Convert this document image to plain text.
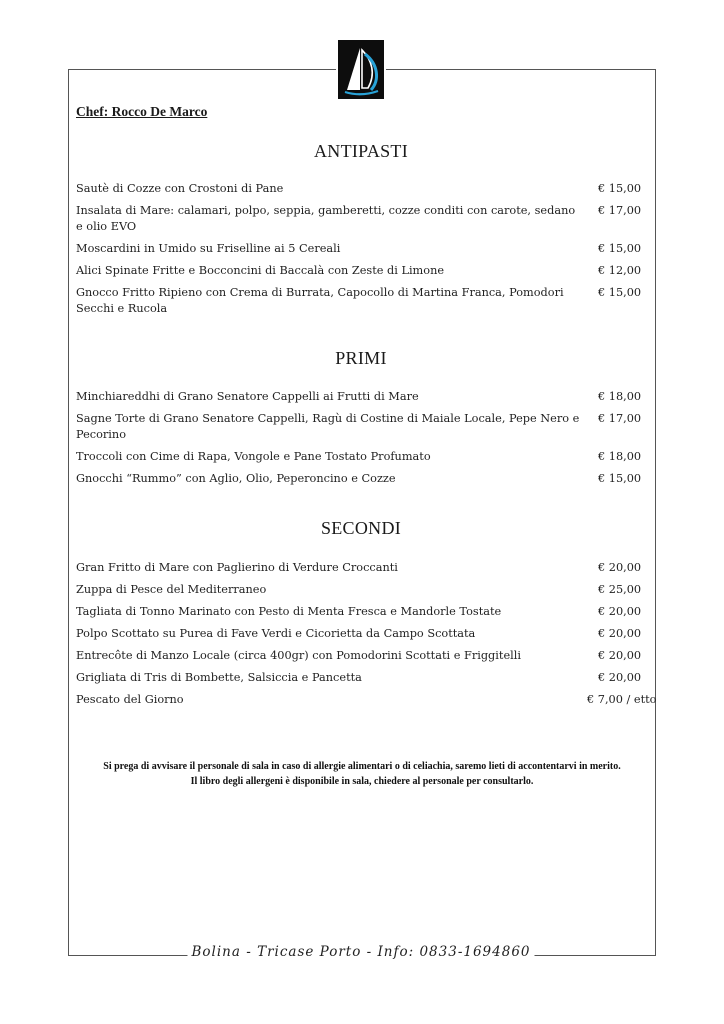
Chef: Rocco De Marco
ANTIPASTI
Sautè di Cozze con Crostoni di Pane	€ 15,00
Insalata di Mare: calamari, polpo, seppia, gamberetti, cozze conditi con carote, sedano e olio EVO
€ 17,00
Moscardini in Umido su Friselline ai 5 Cereali	€ 15,00
Alici Spinate Fritte e Bocconcini di Baccalà con Zeste di Limone	€ 12,00
Gnocco Fritto Ripieno con Crema di Burrata, Capocollo di Martina Franca, Pomodori Secchi e Rucola
€ 15,00
PRIMI
Minchiareddhi di Grano Senatore Cappelli ai Frutti di Mare	€ 18,00
Sagne Torte di Grano Senatore Cappelli, Ragù di Costine di Maiale Locale, Pepe Nero e Pecorino
€ 17,00
Troccoli con Cime di Rapa, Vongole e Pane Tostato Profumato	€ 18,00
Gnocchi “Rummo” con Aglio, Olio, Peperoncino e Cozze	€ 15,00
SECONDI
Gran Fritto di Mare con Paglierino di Verdure Croccanti	€ 20,00
Zuppa di Pesce del Mediterraneo	€ 25,00
Tagliata di Tonno Marinato con Pesto di Menta Fresca e Mandorle Tostate	€ 20,00
Polpo Scottato su Purea di Fave Verdi e Cicorietta da Campo Scottata	€ 20,00
Entrecôte di Manzo Locale (circa 400gr) con Pomodorini Scottati e Friggitelli	€ 20,00
Grigliata di Tris di Bombette, Salsiccia e Pancetta	€ 20,00
Pescato del Giorno	€ 7,00 / etto
Si prega di avvisare il personale di sala in caso di allergie alimentari o di celiachia, saremo lieti di accontentarvi in merito.
Il libro degli allergeni è disponibile in sala, chiedere al personale per consultarlo.
Bolina - Tricase Porto - Info: 0833-1694860
